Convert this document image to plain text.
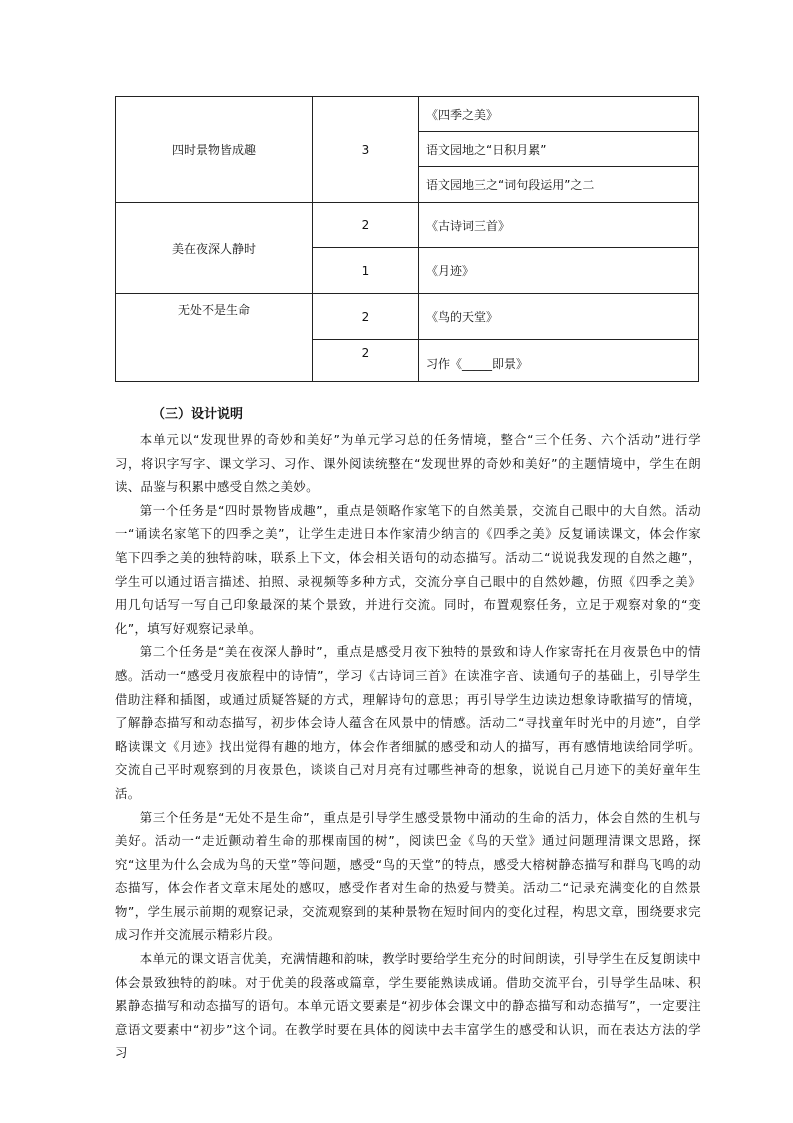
四时景物皆成趣	3	《四季之美》
		语文园地之“日积月累”
		语文园地三之“词句段运用”之二
美在夜深人静时	2	《古诗词三首》
	1	《月迹》
无处不是生命	2	《鸟的天堂》
	2	习作《_____即景》
（三）设计说明

本单元以“发现世界的奇妙和美好”为单元学习总的任务情境，整合“三个任务、六个活动”进行学习，将识字写字、课文学习、习作、课外阅读统整在“发现世界的奇妙和美好”的主题情境中，学生在朗读、品鉴与积累中感受自然之美妙。

第一个任务是“四时景物皆成趣”，重点是领略作家笔下的自然美景，交流自己眼中的大自然。活动一“诵读名家笔下的四季之美”，让学生走进日本作家清少纳言的《四季之美》反复诵读课文，体会作家笔下四季之美的独特韵味，联系上下文，体会相关语句的动态描写。活动二“说说我发现的自然之趣”，学生可以通过语言描述、拍照、录视频等多种方式，交流分享自己眼中的自然妙趣，仿照《四季之美》用几句话写一写自己印象最深的某个景致，并进行交流。同时，布置观察任务，立足于观察对象的“变化”，填写好观察记录单。

第二个任务是“美在夜深人静时”，重点是感受月夜下独特的景致和诗人作家寄托在月夜景色中的情感。活动一“感受月夜旅程中的诗情”，学习《古诗词三首》在读准字音、读通句子的基础上，引导学生借助注释和插图，或通过质疑答疑的方式，理解诗句的意思；再引导学生边读边想象诗歌描写的情境，了解静态描写和动态描写，初步体会诗人蕴含在风景中的情感。活动二“寻找童年时光中的月迹”，自学略读课文《月迹》找出觉得有趣的地方，体会作者细腻的感受和动人的描写，再有感情地读给同学听。交流自己平时观察到的月夜景色，谈谈自己对月亮有过哪些神奇的想象，说说自己月迹下的美好童年生活。

第三个任务是“无处不是生命”，重点是引导学生感受景物中涌动的生命的活力，体会自然的生机与美好。活动一“走近颤动着生命的那棵南国的树”，阅读巴金《鸟的天堂》通过问题理清课文思路，探究“这里为什么会成为鸟的天堂”等问题，感受“鸟的天堂”的特点，感受大榕树静态描写和群鸟飞鸣的动态描写，体会作者文章末尾处的感叹，感受作者对生命的热爱与赞美。活动二“记录充满变化的自然景物”，学生展示前期的观察记录，交流观察到的某种景物在短时间内的变化过程，构思文章，围绕要求完成习作并交流展示精彩片段。

本单元的课文语言优美，充满情趣和韵味，教学时要给学生充分的时间朗读，引导学生在反复朗读中体会景致独特的韵味。对于优美的段落或篇章，学生要能熟读成诵。借助交流平台，引导学生品味、积累静态描写和动态描写的语句。本单元语文要素是“初步体会课文中的静态描写和动态描写”，一定要注意语文要素中“初步”这个词。在教学时要在具体的阅读中去丰富学生的感受和认识，而在表达方法的学习
